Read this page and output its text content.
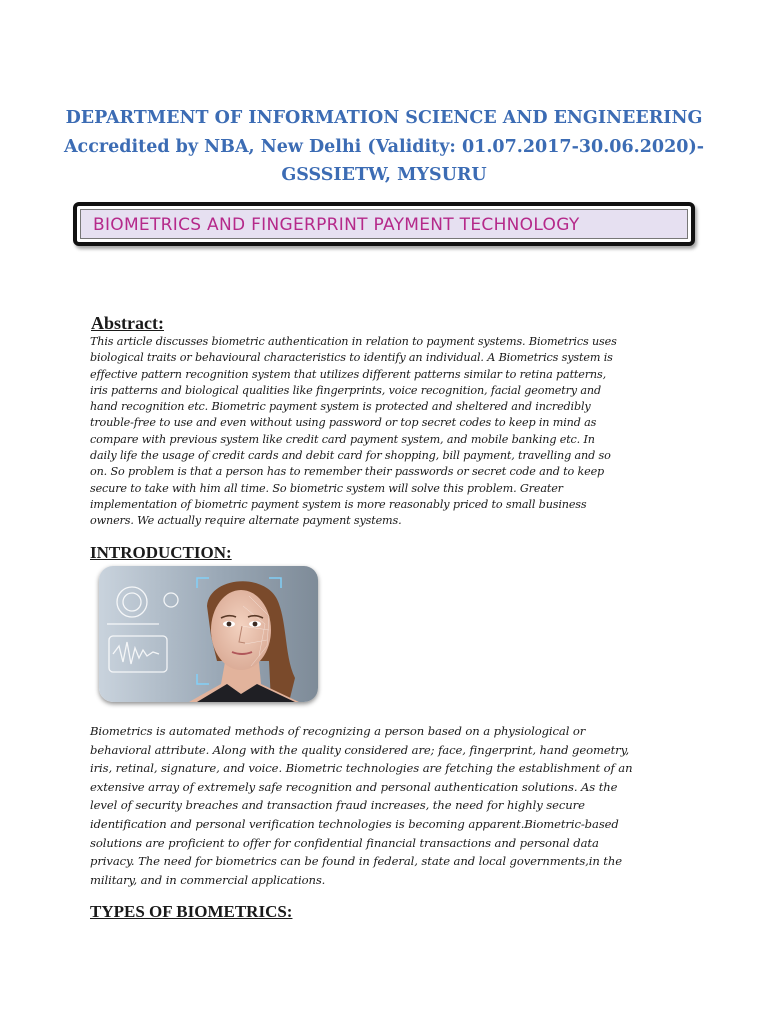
DEPARTMENT OF INFORMATION SCIENCE AND ENGINEERING
Accredited by NBA, New Delhi (Validity: 01.07.2017-30.06.2020)-
GSSSIETW, MYSURU
BIOMETRICS AND FINGERPRINT PAYMENT TECHNOLOGY
Abstract:
This article discusses biometric authentication in relation to payment systems. Biometrics uses
biological traits or behavioural characteristics to identify an individual. A Biometrics system is
effective pattern recognition system that utilizes different patterns similar to retina patterns,
iris patterns and biological qualities like fingerprints, voice recognition, facial geometry and
hand recognition etc. Biometric payment system is protected and sheltered and incredibly
trouble-free to use and even without using password or top secret codes to keep in mind as
compare with previous system like credit card payment system, and mobile banking etc. In
daily life the usage of credit cards and debit card for shopping, bill payment, travelling and so
on. So problem is that a person has to remember their passwords or secret code and to keep
secure to take with him all time. So biometric system will solve this problem. Greater
implementation of biometric payment system is more reasonably priced to small business
owners. We actually require alternate payment systems.
INTRODUCTION:
Biometrics is automated methods of recognizing a person based on a physiological or
behavioral attribute. Along with the quality considered are; face, fingerprint, hand geometry,
iris, retinal, signature, and voice. Biometric technologies are fetching the establishment of an
extensive array of extremely safe recognition and personal authentication solutions. As the
level of security breaches and transaction fraud increases, the need for highly secure
identification and personal verification technologies is becoming apparent.Biometric-based
solutions are proficient to offer for confidential financial transactions and personal data
privacy. The need for biometrics can be found in federal, state and local governments,in the
military, and in commercial applications.
TYPES OF BIOMETRICS:
